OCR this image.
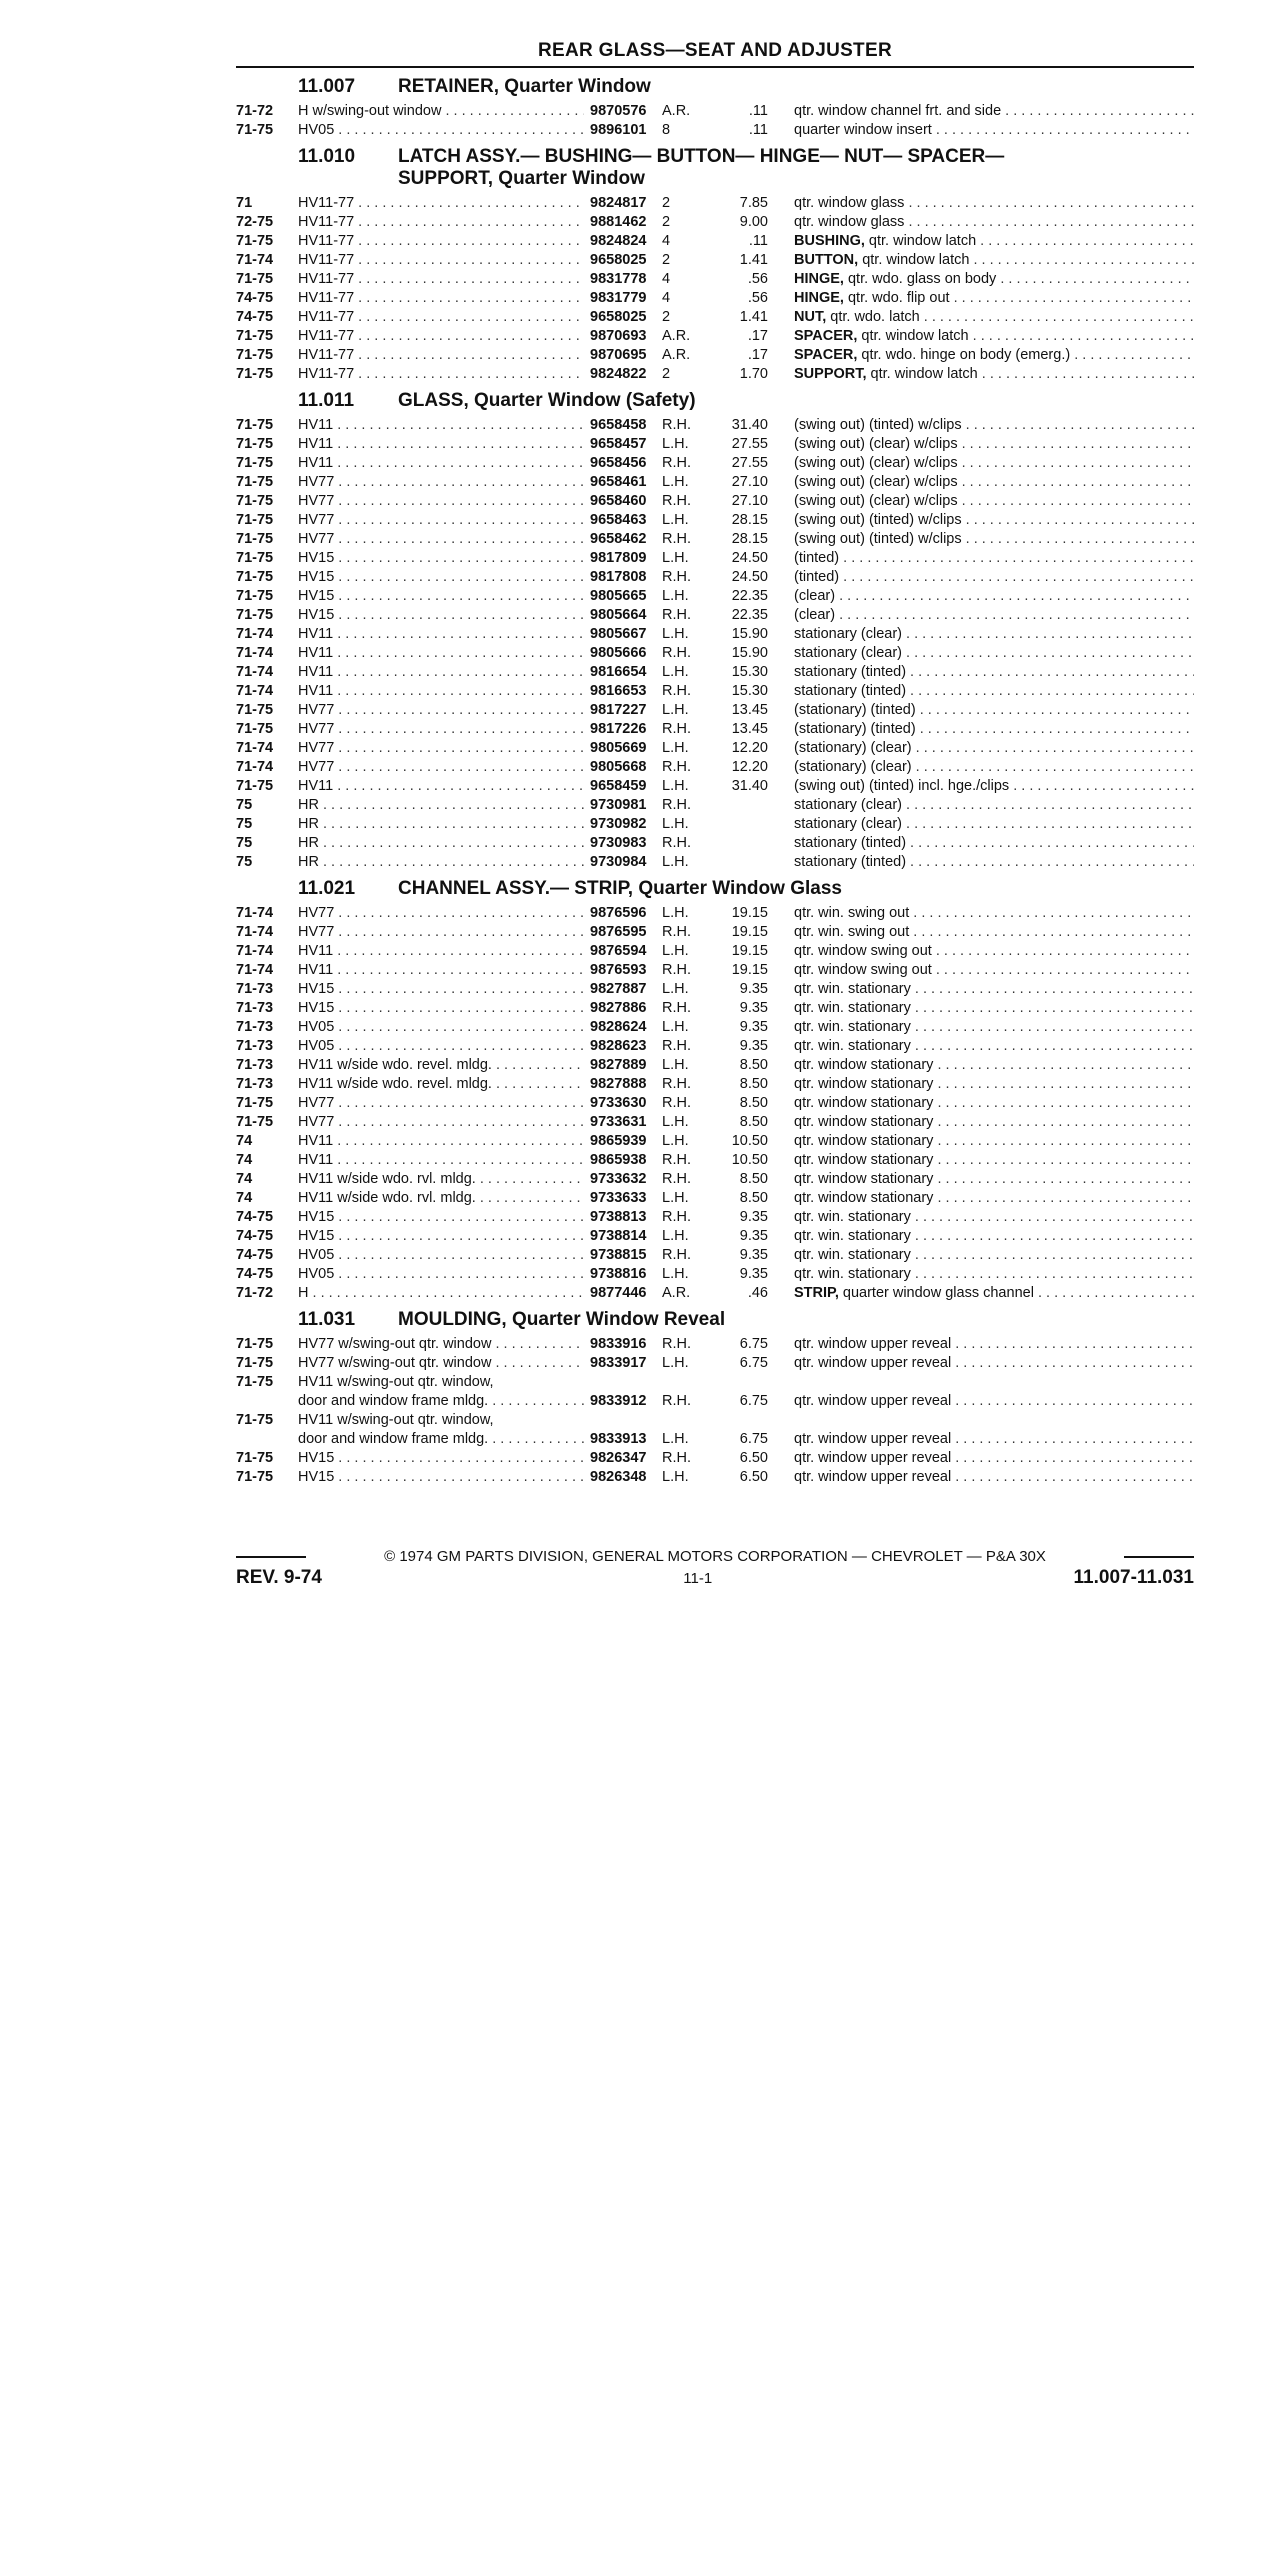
REAR GLASS—SEAT AND ADJUSTER
11.007 RETAINER, Quarter Window
71-72	H w/swing-out window . . .	9870576	A.R.	.11 qtr. window channel frt. and side . . .
71-75	HV05 . . .	9896101	8	.11 quarter window insert . . .
11.010 LATCH ASSY.— BUSHING— BUTTON— HINGE— NUT— SPACER—
SUPPORT, Quarter Window
71	HV11-77 . . .	9824817	2	7.85 qtr. window glass . . .
72-75	HV11-77 . . .	9881462	2	9.00 qtr. window glass . . .
71-75	HV11-77 . . .	9824824	4	.11 BUSHING, qtr. window latch . . .
71-74	HV11-77 . . .	9658025	2	1.41 BUTTON, qtr. window latch . . .
71-75	HV11-77 . . .	9831778	4	.56 HINGE, qtr. wdo. glass on body . . .
74-75	HV11-77 . . .	9831779	4	.56 HINGE, qtr. wdo. flip out . . .
74-75	HV11-77 . . .	9658025	2	1.41 NUT, qtr. wdo. latch . . .
71-75	HV11-77 . . .	9870693	A.R.	.17 SPACER, qtr. window latch . . .
71-75	HV11-77 . . .	9870695	A.R.	.17 SPACER, qtr. wdo. hinge on body (emerg.) . . .
71-75	HV11-77 . . .	9824822	2	1.70 SUPPORT, qtr. window latch . . .
11.011 GLASS, Quarter Window (Safety)
71-75	HV11 . . .	9658458	R.H.	31.40 (swing out) (tinted) w/clips . . .
71-75	HV11 . . .	9658457	L.H.	27.55 (swing out) (clear) w/clips . . .
71-75	HV11 . . .	9658456	R.H.	27.55 (swing out) (clear) w/clips . . .
71-75	HV77 . . .	9658461	L.H.	27.10 (swing out) (clear) w/clips . . .
71-75	HV77 . . .	9658460	R.H.	27.10 (swing out) (clear) w/clips . . .
71-75	HV77 . . .	9658463	L.H.	28.15 (swing out) (tinted) w/clips . . .
71-75	HV77 . . .	9658462	R.H.	28.15 (swing out) (tinted) w/clips . . .
71-75	HV15 . . .	9817809	L.H.	24.50 (tinted) . . .
71-75	HV15 . . .	9817808	R.H.	24.50 (tinted) . . .
71-75	HV15 . . .	9805665	L.H.	22.35 (clear) . . .
71-75	HV15 . . .	9805664	R.H.	22.35 (clear) . . .
71-74	HV11 . . .	9805667	L.H.	15.90 stationary (clear) . . .
71-74	HV11 . . .	9805666	R.H.	15.90 stationary (clear) . . .
71-74	HV11 . . .	9816654	L.H.	15.30 stationary (tinted) . . .
71-74	HV11 . . .	9816653	R.H.	15.30 stationary (tinted) . . .
71-75	HV77 . . .	9817227	L.H.	13.45 (stationary) (tinted) . . .
71-75	HV77 . . .	9817226	R.H.	13.45 (stationary) (tinted) . . .
71-74	HV77 . . .	9805669	L.H.	12.20 (stationary) (clear) . . .
71-74	HV77 . . .	9805668	R.H.	12.20 (stationary) (clear) . . .
71-75	HV11 . . .	9658459	L.H.	31.40 (swing out) (tinted) incl. hge./clips . . .
75	HR . . .	9730981	R.H.	stationary (clear) . . .
75	HR . . .	9730982	L.H.	stationary (clear) . . .
75	HR . . .	9730983	R.H.	stationary (tinted) . . .
75	HR . . .	9730984	L.H.	stationary (tinted) . . .
11.021 CHANNEL ASSY.— STRIP, Quarter Window Glass
71-74	HV77 . . .	9876596	L.H.	19.15 qtr. win. swing out . . .
71-74	HV77 . . .	9876595	R.H.	19.15 qtr. win. swing out . . .
71-74	HV11 . . .	9876594	L.H.	19.15 qtr. window swing out . . .
71-74	HV11 . . .	9876593	R.H.	19.15 qtr. window swing out . . .
71-73	HV15 . . .	9827887	L.H.	9.35 qtr. win. stationary . . .
71-73	HV15 . . .	9827886	R.H.	9.35 qtr. win. stationary . . .
71-73	HV05 . . .	9828624	L.H.	9.35 qtr. win. stationary . . .
71-73	HV05 . . .	9828623	R.H.	9.35 qtr. win. stationary . . .
71-73	HV11 w/side wdo. revel. mldg. . . .	9827889	L.H.	8.50 qtr. window stationary . . .
71-73	HV11 w/side wdo. revel. mldg. . . .	9827888	R.H.	8.50 qtr. window stationary . . .
71-75	HV77 . . .	9733630	R.H.	8.50 qtr. window stationary . . .
71-75	HV77 . . .	9733631	L.H.	8.50 qtr. window stationary . . .
74	HV11 . . .	9865939	L.H.	10.50 qtr. window stationary . . .
74	HV11 . . .	9865938	R.H.	10.50 qtr. window stationary . . .
74	HV11 w/side wdo. rvl. mldg. . . .	9733632	R.H.	8.50 qtr. window stationary . . .
74	HV11 w/side wdo. rvl. mldg. . . .	9733633	L.H.	8.50 qtr. window stationary . . .
74-75	HV15 . . .	9738813	R.H.	9.35 qtr. win. stationary . . .
74-75	HV15 . . .	9738814	L.H.	9.35 qtr. win. stationary . . .
74-75	HV05 . . .	9738815	R.H.	9.35 qtr. win. stationary . . .
74-75	HV05 . . .	9738816	L.H.	9.35 qtr. win. stationary . . .
71-72	H . . .	9877446	A.R.	.46 STRIP, quarter window glass channel . . .
11.031 MOULDING, Quarter Window Reveal
71-75	HV77 w/swing-out qtr. window . . .	9833916	R.H.	6.75 qtr. window upper reveal . . .
71-75	HV77 w/swing-out qtr. window . . .	9833917	L.H.	6.75 qtr. window upper reveal . . .
71-75	HV11 w/swing-out qtr. window,
door and window frame mldg. . . .	9833912	R.H.	6.75 qtr. window upper reveal . . .
71-75	HV11 w/swing-out qtr. window,
door and window frame mldg. . . .	9833913	L.H.	6.75 qtr. window upper reveal . . .
71-75	HV15 . . .	9826347	R.H.	6.50 qtr. window upper reveal . . .
71-75	HV15 . . .	9826348	L.H.	6.50 qtr. window upper reveal . . .
© 1974 GM PARTS DIVISION, GENERAL MOTORS CORPORATION — CHEVROLET — P&A 30X
REV. 9-74	11-1	11.007-11.031
